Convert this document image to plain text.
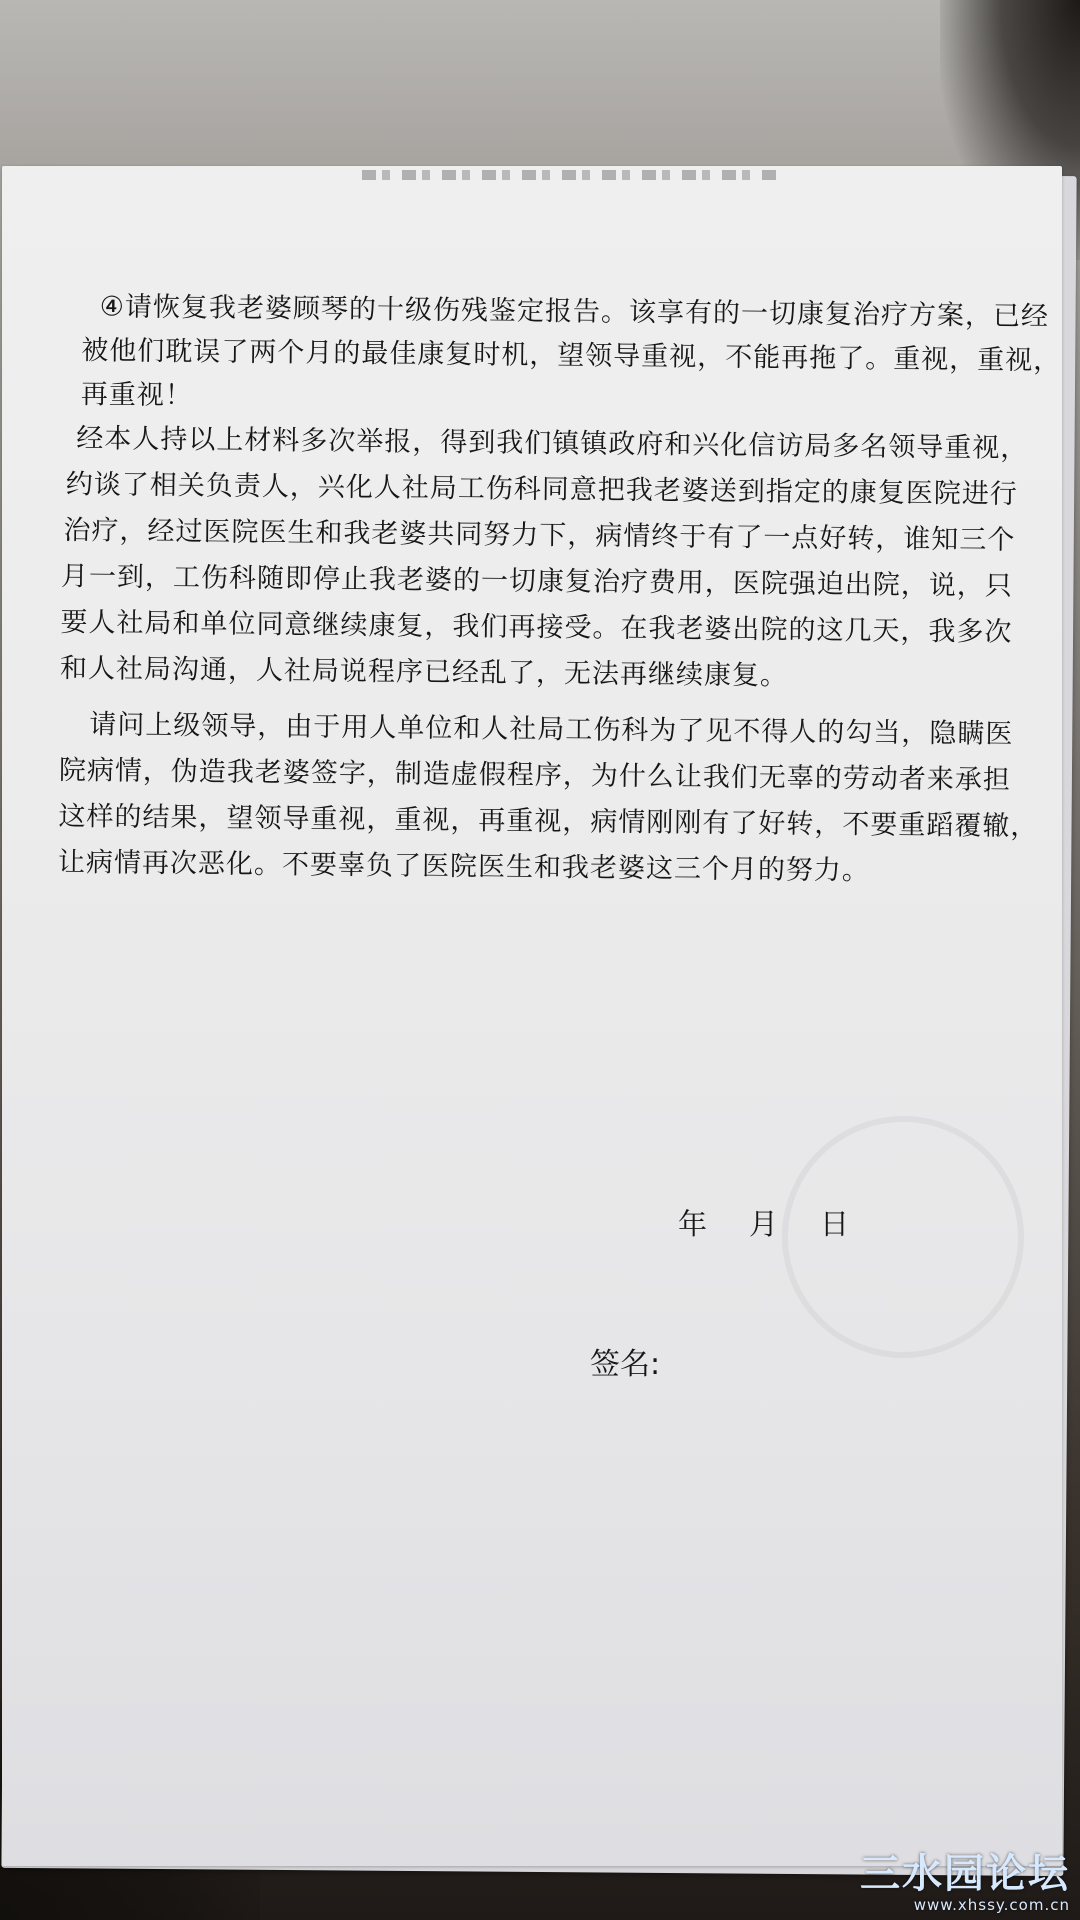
④请恢复我老婆顾琴的十级伤残鉴定报告。该享有的一切康复治疗方案，已经
被他们耽误了两个月的最佳康复时机，望领导重视，不能再拖了。重视，重视，
再重视！
经本人持以上材料多次举报，得到我们镇镇政府和兴化信访局多名领导重视，
约谈了相关负责人，兴化人社局工伤科同意把我老婆送到指定的康复医院进行
治疗，经过医院医生和我老婆共同努力下，病情终于有了一点好转，谁知三个
月一到，工伤科随即停止我老婆的一切康复治疗费用，医院强迫出院，说，只
要人社局和单位同意继续康复，我们再接受。在我老婆出院的这几天，我多次
和人社局沟通，人社局说程序已经乱了，无法再继续康复。
请问上级领导，由于用人单位和人社局工伤科为了见不得人的勾当，隐瞒医
院病情，伪造我老婆签字，制造虚假程序，为什么让我们无辜的劳动者来承担
这样的结果，望领导重视，重视，再重视，病情刚刚有了好转，不要重蹈覆辙，
让病情再次恶化。不要辜负了医院医生和我老婆这三个月的努力。
年 月 日
签名:
三水园论坛
www.xhssy.com.cn
